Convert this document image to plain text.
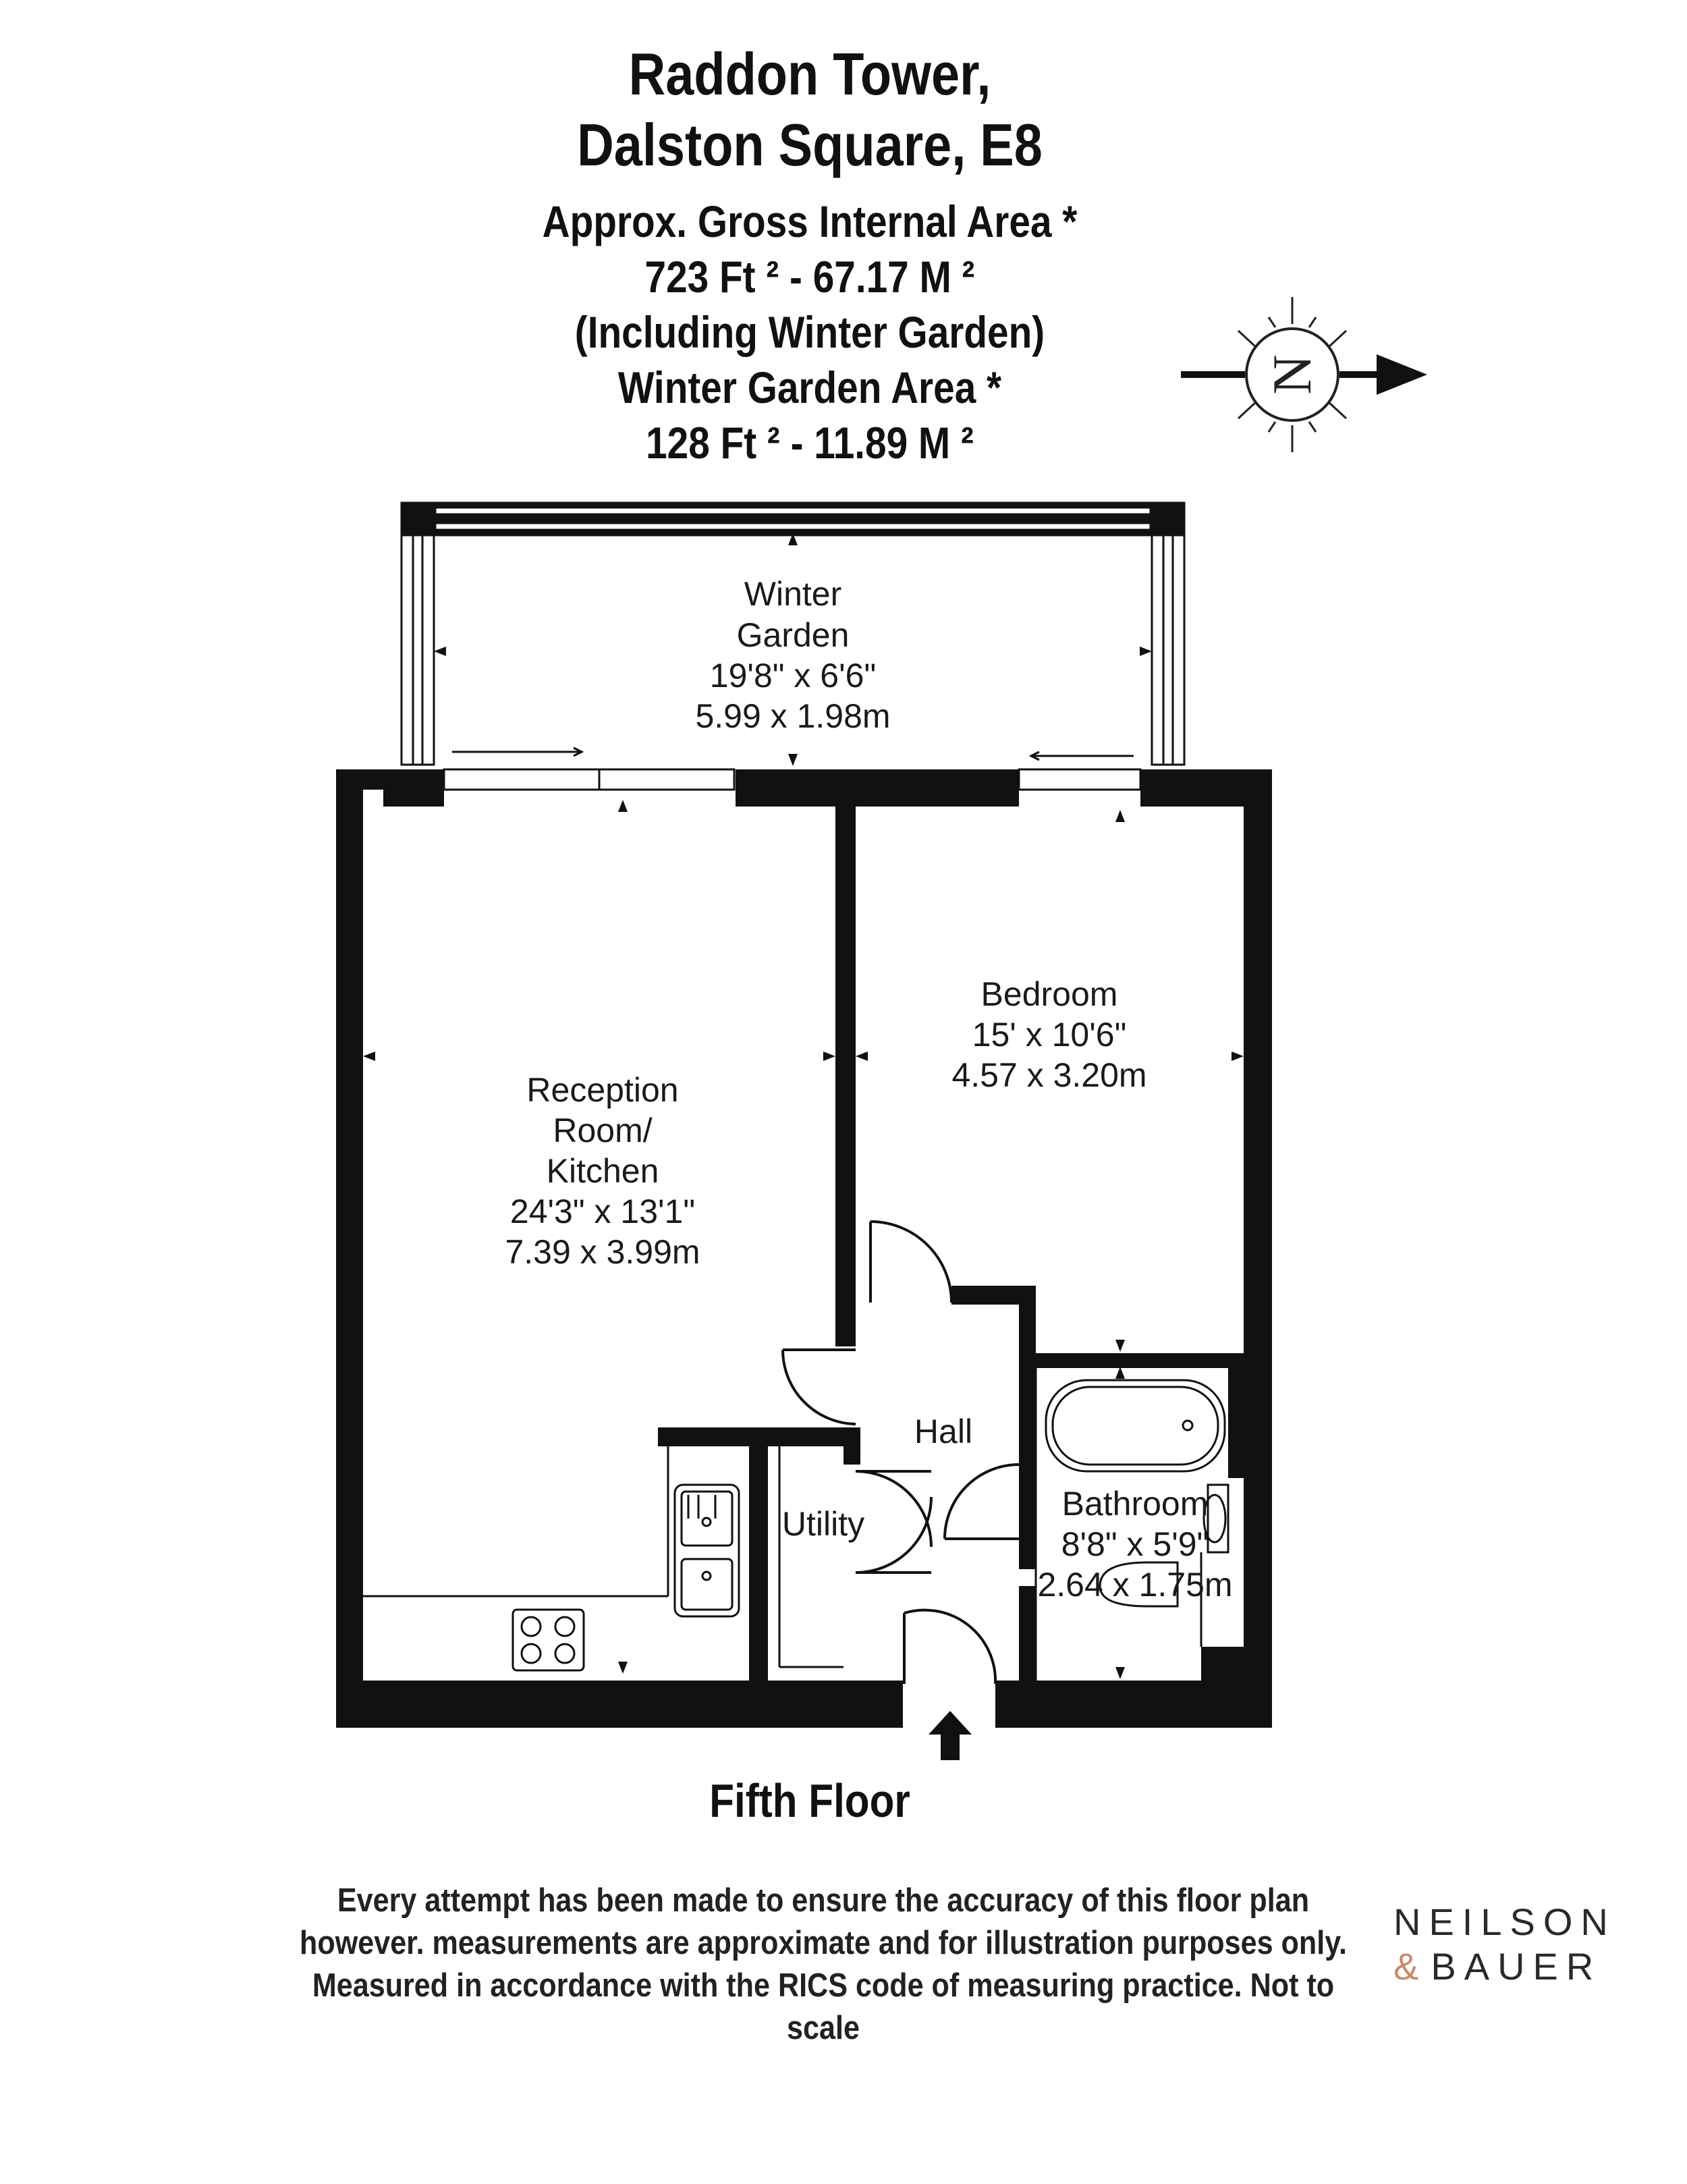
Raddon Tower,
Dalston Square, E8
Approx. Gross Internal Area *
723 Ft ² - 67.17 M ²
(Including Winter Garden)
Winter Garden Area *
128 Ft ² - 11.89 M ²
N
Winter
Garden
19'8" x 6'6"
5.99 x 1.98m
Bedroom
15' x 10'6"
4.57 x 3.20m
Reception
Room/
Kitchen
24'3" x 13'1"
7.39 x 3.99m
Hall
Utility
Bathroom
8'8" x 5'9"
2.64 x 1.75m
Fifth Floor
Every attempt has been made to ensure the accuracy of this floor plan
however. measurements are approximate and for illustration purposes only.
Measured in accordance with the RICS code of measuring practice. Not to scale
NEILSON
& BAUER
